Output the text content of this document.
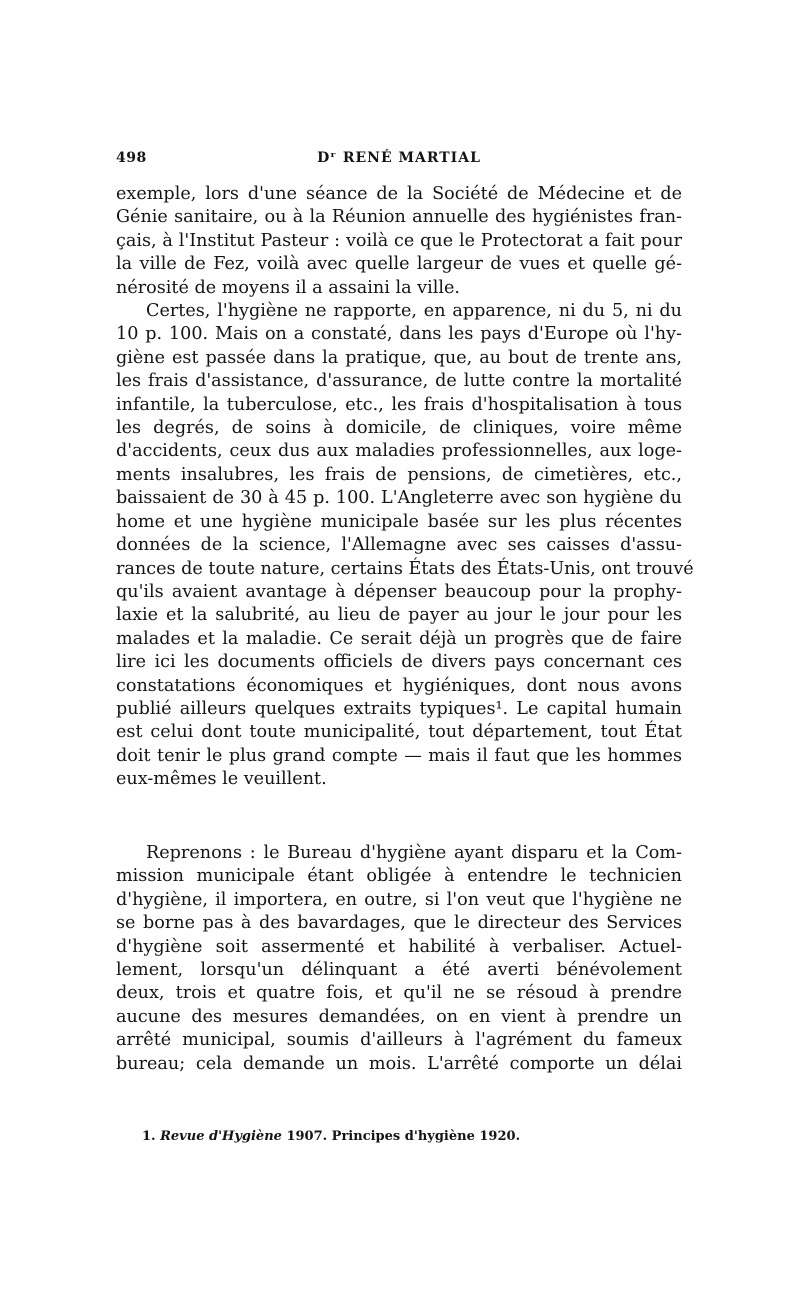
498	Dʳ RENÉ MARTIAL

exemple, lors d'une séance de la Société de Médecine et de
Génie sanitaire, ou à la Réunion annuelle des hygiénistes fran-
çais, à l'Institut Pasteur : voilà ce que le Protectorat a fait pour
la ville de Fez, voilà avec quelle largeur de vues et quelle gé-
nérosité de moyens il a assaini la ville.

Certes, l'hygiène ne rapporte, en apparence, ni du 5, ni du
10 p. 100. Mais on a constaté, dans les pays d'Europe où l'hy-
giène est passée dans la pratique, que, au bout de trente ans,
les frais d'assistance, d'assurance, de lutte contre la mortalité
infantile, la tuberculose, etc., les frais d'hospitalisation à tous
les degrés, de soins à domicile, de cliniques, voire même
d'accidents, ceux dus aux maladies professionnelles, aux loge-
ments insalubres, les frais de pensions, de cimetières, etc.,
baissaient de 30 à 45 p. 100. L'Angleterre avec son hygiène du
home et une hygiène municipale basée sur les plus récentes
données de la science, l'Allemagne avec ses caisses d'assu-
rances de toute nature, certains États des États-Unis, ont trouvé
qu'ils avaient avantage à dépenser beaucoup pour la prophy-
laxie et la salubrité, au lieu de payer au jour le jour pour les
malades et la maladie. Ce serait déjà un progrès que de faire
lire ici les documents officiels de divers pays concernant ces
constatations économiques et hygiéniques, dont nous avons
publié ailleurs quelques extraits typiques¹. Le capital humain
est celui dont toute municipalité, tout département, tout État
doit tenir le plus grand compte — mais il faut que les hommes
eux-mêmes le veuillent.

Reprenons : le Bureau d'hygiène ayant disparu et la Com-
mission municipale étant obligée à entendre le technicien
d'hygiène, il importera, en outre, si l'on veut que l'hygiène ne
se borne pas à des bavardages, que le directeur des Services
d'hygiène soit assermenté et habilité à verbaliser. Actuel-
lement, lorsqu'un délinquant a été averti bénévolement
deux, trois et quatre fois, et qu'il ne se résoud à prendre
aucune des mesures demandées, on en vient à prendre un
arrêté municipal, soumis d'ailleurs à l'agrément du fameux
bureau; cela demande un mois. L'arrêté comporte un délai

1. Revue d'Hygiène 1907. Principes d'hygiène 1920.
